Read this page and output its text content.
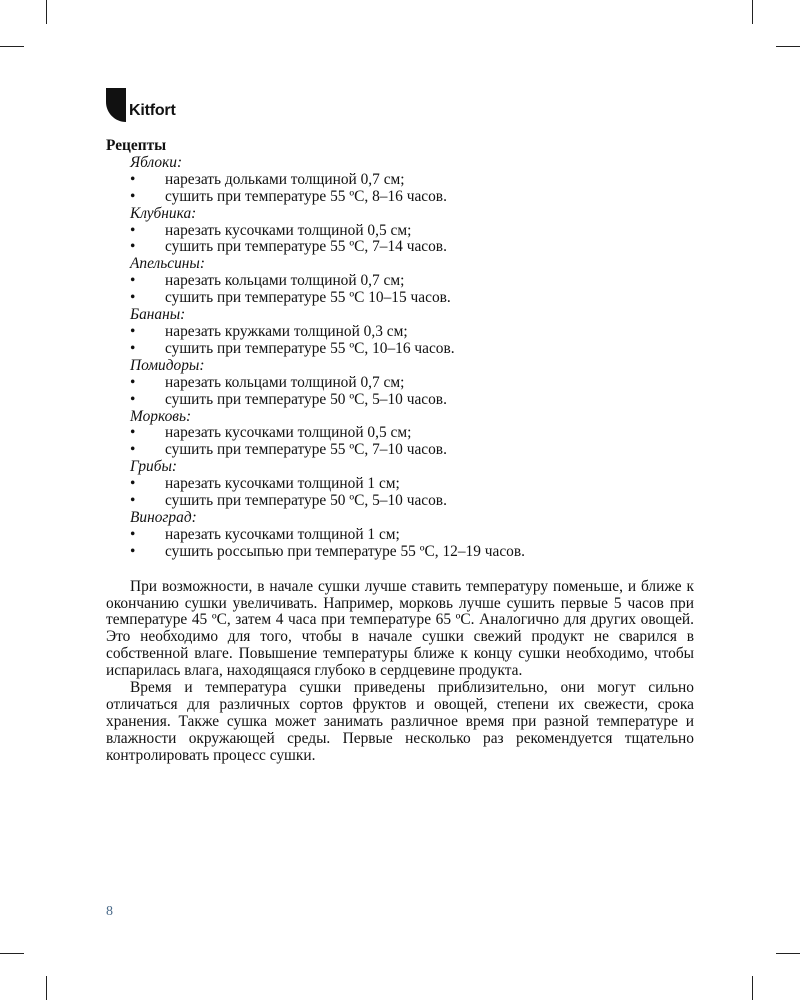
Kitfort
Рецепты
Яблоки:
• нарезать дольками толщиной 0,7 см;
• сушить при температуре 55 ºС, 8–16 часов.
Клубника:
• нарезать кусочками толщиной 0,5 см;
• сушить при температуре 55 ºС, 7–14 часов.
Апельсины:
• нарезать кольцами толщиной 0,7 см;
• сушить при температуре 55 ºС 10–15 часов.
Бананы:
• нарезать кружками толщиной 0,3 см;
• сушить при температуре 55 ºС, 10–16 часов.
Помидоры:
• нарезать кольцами толщиной 0,7 см;
• сушить при температуре 50 ºС, 5–10 часов.
Морковь:
• нарезать кусочками толщиной 0,5 см;
• сушить при температуре 55 ºС, 7–10 часов.
Грибы:
• нарезать кусочками толщиной 1 см;
• сушить при температуре 50 ºС, 5–10 часов.
Виноград:
• нарезать кусочками толщиной 1 см;
• сушить россыпью при температуре 55 ºС, 12–19 часов.

При возможности, в начале сушки лучше ставить температуру поменьше, и ближе к окончанию сушки увеличивать. Например, морковь лучше сушить первые 5 часов при температуре 45 ºС, затем 4 часа при температуре 65 ºС. Аналогично для других овощей. Это необходимо для того, чтобы в начале сушки свежий продукт не сварился в собственной влаге. Повышение температуры ближе к концу сушки необходимо, чтобы испарилась влага, находящаяся глубоко в сердцевине продукта.

Время и температура сушки приведены приблизительно, они могут сильно отличаться для различных сортов фруктов и овощей, степени их свежести, срока хранения. Также сушка может занимать различное время при разной температуре и влажности окружающей среды. Первые несколько раз рекомендуется тщательно контролировать процесс сушки.

8
